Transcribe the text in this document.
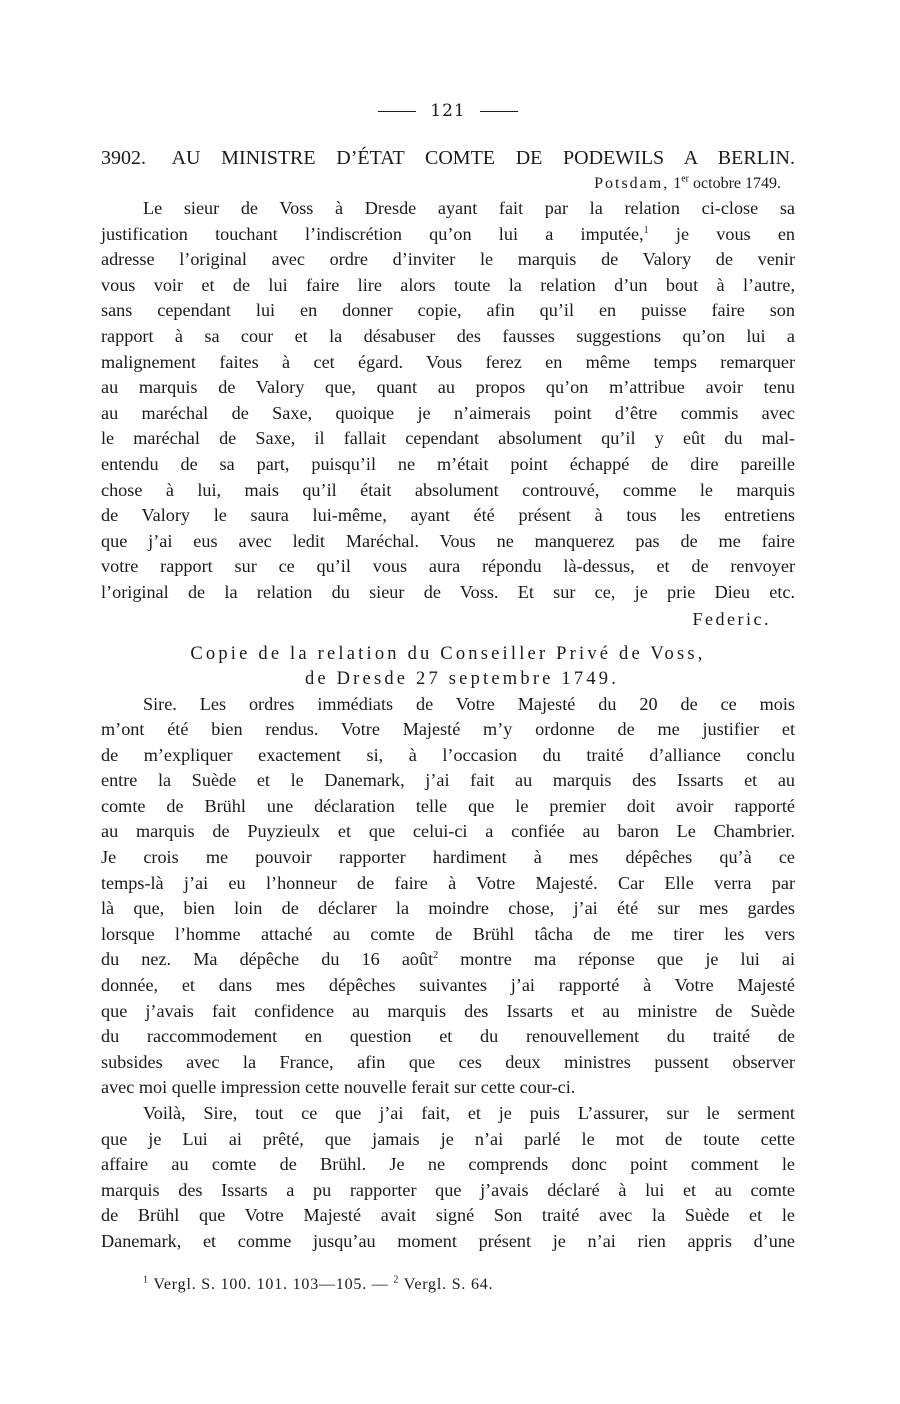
121
3902. AU MINISTRE D’ÉTAT COMTE DE PODEWILS A BERLIN.
Potsdam, 1er octobre 1749.
Le sieur de Voss à Dresde ayant fait par la relation ci-close sa
justification touchant l’indiscrétion qu’on lui a imputée,$^1$ je vous en
adresse l’original avec ordre d’inviter le marquis de Valory de venir
vous voir et de lui faire lire alors toute la relation d’un bout à l’autre,
sans cependant lui en donner copie, afin qu’il en puisse faire son
rapport à sa cour et la désabuser des fausses suggestions qu’on lui a
malignement faites à cet égard. Vous ferez en même temps remarquer
au marquis de Valory que, quant au propos qu’on m’attribue avoir tenu
au maréchal de Saxe, quoique je n’aimerais point d’être commis avec
le maréchal de Saxe, il fallait cependant absolument qu’il y eût du mal-
entendu de sa part, puisqu’il ne m’était point échappé de dire pareille
chose à lui, mais qu’il était absolument controuvé, comme le marquis
de Valory le saura lui-même, ayant été présent à tous les entretiens
que j’ai eus avec ledit Maréchal. Vous ne manquerez pas de me faire
votre rapport sur ce qu’il vous aura répondu là-dessus, et de renvoyer
l’original de la relation du sieur de Voss. Et sur ce, je prie Dieu etc.
Federic.
Copie de la relation du Conseiller Privé de Voss,
de Dresde 27 septembre 1749.
Sire. Les ordres immédiats de Votre Majesté du 20 de ce mois
m’ont été bien rendus. Votre Majesté m’y ordonne de me justifier et
de m’expliquer exactement si, à l’occasion du traité d’alliance conclu
entre la Suède et le Danemark, j’ai fait au marquis des Issarts et au
comte de Brühl une déclaration telle que le premier doit avoir rapporté
au marquis de Puyzieulx et que celui-ci a confiée au baron Le Chambrier.
Je crois me pouvoir rapporter hardiment à mes dépêches qu’à ce
temps-là j’ai eu l’honneur de faire à Votre Majesté. Car Elle verra par
là que, bien loin de déclarer la moindre chose, j’ai été sur mes gardes
lorsque l’homme attaché au comte de Brühl tâcha de me tirer les vers
du nez. Ma dépêche du 16 août$^2$ montre ma réponse que je lui ai
donnée, et dans mes dépêches suivantes j’ai rapporté à Votre Majesté
que j’avais fait confidence au marquis des Issarts et au ministre de Suède
du raccommodement en question et du renouvellement du traité de
subsides avec la France, afin que ces deux ministres pussent observer
avec moi quelle impression cette nouvelle ferait sur cette cour-ci.
Voilà, Sire, tout ce que j’ai fait, et je puis L’assurer, sur le serment
que je Lui ai prêté, que jamais je n’ai parlé le mot de toute cette
affaire au comte de Brühl. Je ne comprends donc point comment le
marquis des Issarts a pu rapporter que j’avais déclaré à lui et au comte
de Brühl que Votre Majesté avait signé Son traité avec la Suède et le
Danemark, et comme jusqu’au moment présent je n’ai rien appris d’une
$^1$ Vergl. S. 100. 101. 103—105. — $^2$ Vergl. S. 64.
